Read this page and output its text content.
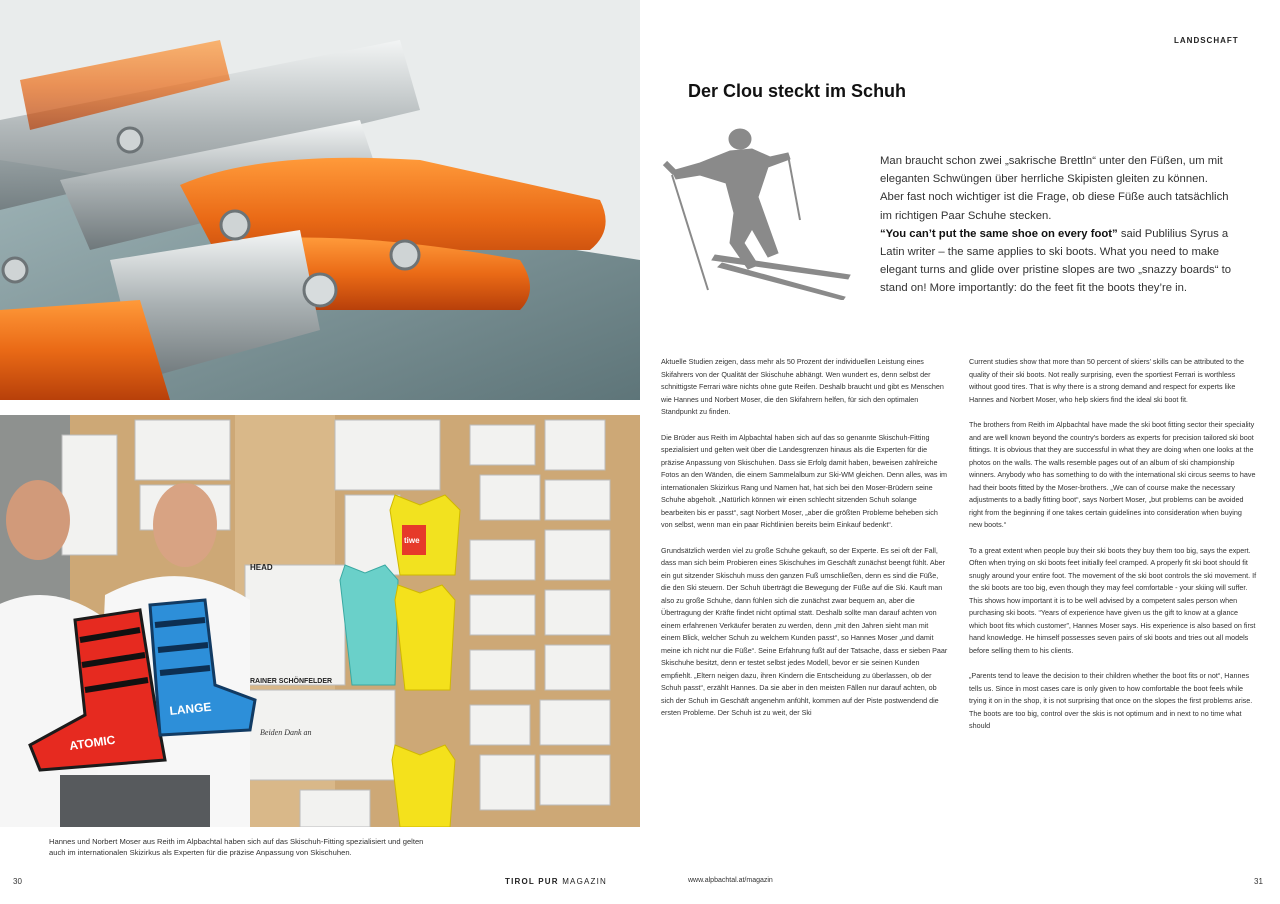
HEAD
RAINER SCHÖNFELDER
ATOMIC
LANGE
tiwe
Beiden Dank an
Hannes und Norbert Moser aus Reith im Alpbachtal haben sich auf das Skischuh-Fitting spezialisiert und gelten auch im internationalen Skizirkus als Experten für die präzise Anpassung von Skischuhen.
30	TIROL PUR MAGAZIN
LANDSCHAFT
Der Clou steckt im Schuh
Man braucht schon zwei „sakrische Brettln“ unter den Füßen, um mit eleganten Schwüngen über herrliche Skipisten gleiten zu können. Aber fast noch wichtiger ist die Frage, ob diese Füße auch tatsächlich im richtigen Paar Schuhe stecken.
“You can’t put the same shoe on every foot” said Publilius Syrus a Latin writer – the same applies to ski boots. What you need to make elegant turns and glide over pristine slopes are two „snazzy boards“ to stand on! More importantly: do the feet fit the boots they’re in.

Aktuelle Studien zeigen, dass mehr als 50 Prozent der individuellen Leistung eines Skifahrers von der Qualität der Skischuhe abhängt. Wen wundert es, denn selbst der schnittigste Ferrari wäre nichts ohne gute Reifen. Deshalb braucht und gibt es Menschen wie Hannes und Norbert Moser, die den Skifahrern helfen, für sich den optimalen Standpunkt zu finden.

Die Brüder aus Reith im Alpbachtal haben sich auf das so genannte Skischuh-Fitting spezialisiert und gelten weit über die Landesgrenzen hinaus als die Experten für die präzise Anpassung von Skischuhen. Dass sie Erfolg damit haben, beweisen zahlreiche Fotos an den Wänden, die einem Sammelalbum zur Ski-WM gleichen. Denn alles, was im internationalen Skizirkus Rang und Namen hat, hat sich bei den Moser-Brüdern seine Schuhe abgeholt. „Natürlich können wir einen schlecht sitzenden Schuh solange bearbeiten bis er passt“, sagt Norbert Moser, „aber die größten Probleme beheben sich von selbst, wenn man ein paar Richtlinien bereits beim Einkauf bedenkt“.

Grundsätzlich werden viel zu große Schuhe gekauft, so der Experte. Es sei oft der Fall, dass man sich beim Probieren eines Skischuhes im Geschäft zunächst beengt fühlt. Aber ein gut sitzender Skischuh muss den ganzen Fuß umschließen, denn es sind die Füße, die den Ski steuern. Der Schuh überträgt die Bewegung der Füße auf die Ski. Kauft man also zu große Schuhe, dann fühlen sich die zunächst zwar bequem an, aber die Übertragung der Kräfte findet nicht optimal statt. Deshalb sollte man darauf achten von einem erfahrenen Verkäufer beraten zu werden, denn „mit den Jahren sieht man mit einem Blick, welcher Schuh zu welchem Kunden passt“, so Hannes Moser „und damit meine ich nicht nur die Füße“. Seine Erfahrung fußt auf der Tatsache, dass er sieben Paar Skischuhe besitzt, denn er testet selbst jedes Modell, bevor er sie seinen Kunden empfiehlt. „Eltern neigen dazu, ihren Kindern die Entscheidung zu überlassen, ob der Schuh passt“, erzählt Hannes. Da sie aber in den meisten Fällen nur darauf achten, ob sich der Schuh im Geschäft angenehm anfühlt, kommen auf der Piste postwendend die ersten Probleme. Der Schuh ist zu weit, der Ski

Current studies show that more than 50 percent of skiers’ skills can be attributed to the quality of their ski boots. Not really surprising, even the sportiest Ferrari is worthless without good tires. That is why there is a strong demand and respect for experts like Hannes and Norbert Moser, who help skiers find the ideal ski boot fit.

The brothers from Reith im Alpbachtal have made the ski boot fitting sector their speciality and are well known beyond the country’s borders as experts for precision tailored ski boot fittings. It is obvious that they are successful in what they are doing when one looks at the photos on the walls. The walls resemble pages out of an album of ski championship winners. Anybody who has something to do with the international ski circus seems to have had their boots fitted by the Moser-brothers. „We can of course make the necessary adjustments to a badly fitting boot“, says Norbert Moser, „but problems can be avoided right from the beginning if one takes certain guidelines into consideration when buying new boots.“

To a great extent when people buy their ski boots they buy them too big, says the expert. Often when trying on ski boots feet initially feel cramped. A properly fit ski boot should fit snugly around your entire foot. The movement of the ski boot controls the ski movement. If the ski boots are too big, even though they may feel comfortable - your skiing will suffer. This shows how important it is to be well advised by a competent sales person when purchasing ski boots. “Years of experience have given us the gift to know at a glance which boot fits which customer”, Hannes Moser says. His experience is also based on first hand knowledge. He himself possesses seven pairs of ski boots and tries out all models before selling them to his clients.

„Parents tend to leave the decision to their children whether the boot fits or not“, Hannes tells us. Since in most cases care is only given to how comfortable the boot feels while trying it on in the shop, it is not surprising that once on the slopes the first problems arise. The boots are too big, control over the skis is not optimum and in next to no time what should

www.alpbachtal.at/magazin	31
